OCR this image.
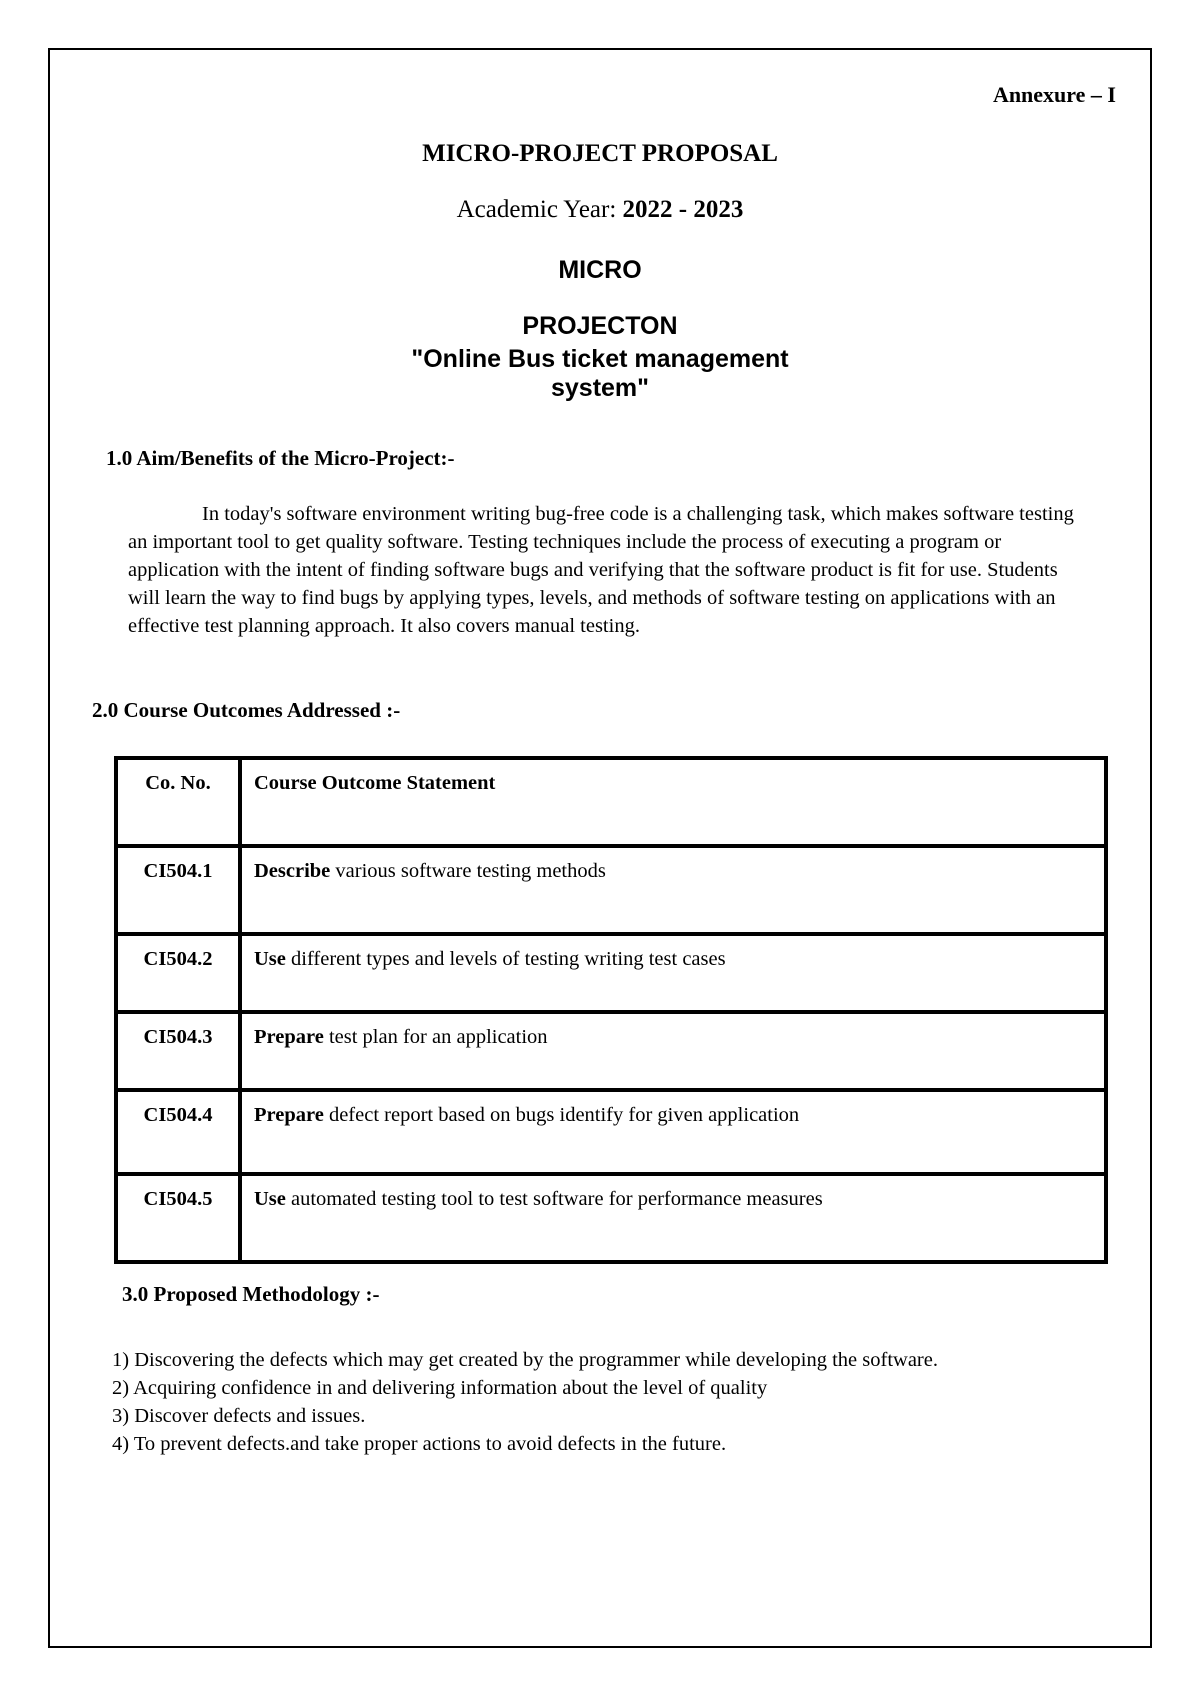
Annexure – I
MICRO-PROJECT PROPOSAL
Academic Year: 2022 - 2023
MICRO
PROJECTON
"Online Bus ticket management
system"
1.0 Aim/Benefits of the Micro-Project:-
In today's software environment writing bug-free code is a challenging task, which makes software testing an important tool to get quality software. Testing techniques include the process of executing a program or application with the intent of finding software bugs and verifying that the software product is fit for use. Students will learn the way to find bugs by applying types, levels, and methods of software testing on applications with an effective test planning approach. It also covers manual testing.
2.0 Course Outcomes Addressed :-
Co. No.	Course Outcome Statement
CI504.1	Describe various software testing methods
CI504.2	Use different types and levels of testing writing test cases
CI504.3	Prepare test plan for an application
CI504.4	Prepare defect report based on bugs identify for given application
CI504.5	Use automated testing tool to test software for performance measures
3.0 Proposed Methodology :-
1) Discovering the defects which may get created by the programmer while developing the software.
2) Acquiring confidence in and delivering information about the level of quality
3) Discover defects and issues.
4) To prevent defects.and take proper actions to avoid defects in the future.
